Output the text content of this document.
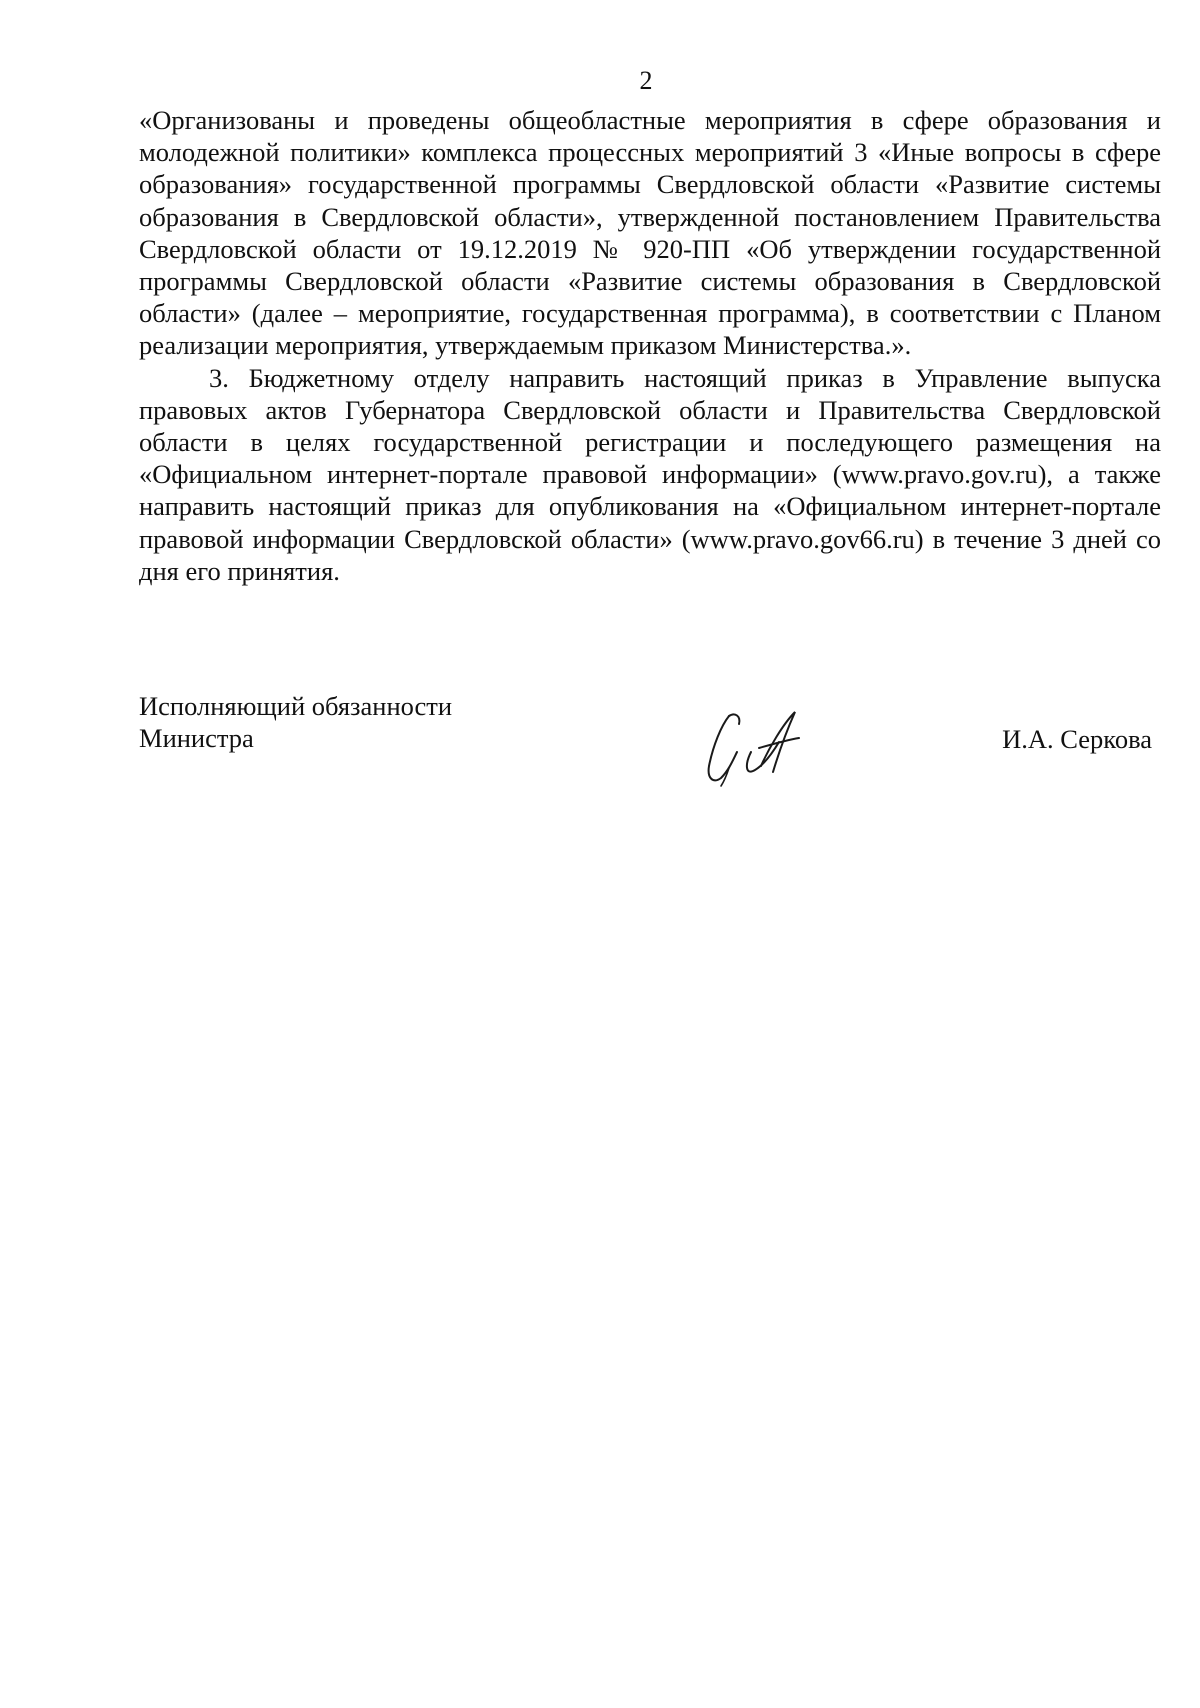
2

«Организованы и проведены общеобластные мероприятия в сфере образования и молодежной политики» комплекса процессных мероприятий 3 «Иные вопросы в сфере образования» государственной программы Свердловской области «Развитие системы образования в Свердловской области», утвержденной постановлением Правительства Свердловской области от 19.12.2019 № 920-ПП «Об утверждении государственной программы Свердловской области «Развитие системы образования в Свердловской области» (далее – мероприятие, государственная программа), в соответствии с Планом реализации мероприятия, утверждаемым приказом Министерства.».

3. Бюджетному отделу направить настоящий приказ в Управление выпуска правовых актов Губернатора Свердловской области и Правительства Свердловской области в целях государственной регистрации и последующего размещения на «Официальном интернет-портале правовой информации» (www.pravo.gov.ru), а также направить настоящий приказ для опубликования на «Официальном интернет-портале правовой информации Свердловской области» (www.pravo.gov66.ru) в течение 3 дней со дня его принятия.

Исполняющий обязанности
Министра	И.А. Серкова
